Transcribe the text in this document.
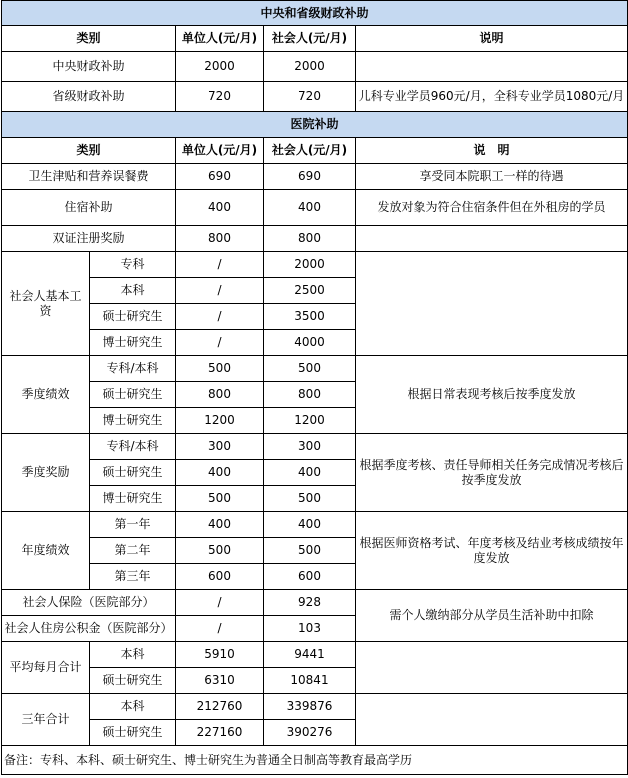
中央和省级财政补助				
类别		单位人(元/月)	社会人(元/月)	说明
中央财政补助		2000	2000	
省级财政补助		720	720	儿科专业学员960元/月，全科专业学员1080元/月
医院补助				
类别		单位人(元/月)	社会人(元/月)	说　明
卫生津贴和营养误餐费		690	690	享受同本院职工一样的待遇
住宿补助		400	400	发放对象为符合住宿条件但在外租房的学员
双证注册奖励		800	800	
社会人基本工资	专科	/	2000	
	本科	/	2500	
	硕士研究生	/	3500	
	博士研究生	/	4000	
季度绩效	专科/本科	500	500	根据日常表现考核后按季度发放
	硕士研究生	800	800	
	博士研究生	1200	1200	
季度奖励	专科/本科	300	300	根据季度考核、责任导师相关任务完成情况考核后按季度发放
	硕士研究生	400	400	
	博士研究生	500	500	
年度绩效	第一年	400	400	根据医师资格考试、年度考核及结业考核成绩按年度发放
	第二年	500	500	
	第三年	600	600	
社会人保险（医院部分）		/	928	需个人缴纳部分从学员生活补助中扣除
社会人住房公积金（医院部分）		/	103	
平均每月合计	本科	5910	9441	
	硕士研究生	6310	10841	
三年合计	本科	212760	339876	
	硕士研究生	227160	390276	
备注：专科、本科、硕士研究生、博士研究生为普通全日制高等教育最高学历				
